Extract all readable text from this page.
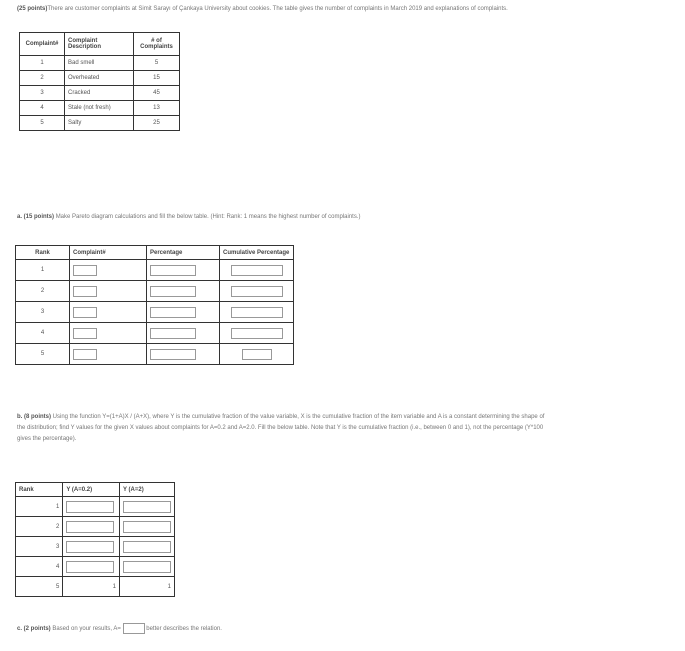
(25 points)There are customer complaints at Simit Sarayı of Çankaya University about cookies. The table gives the number of complaints in March 2019 and explanations of complaints.
Complaint#	Complaint Description	# of Complaints
1	Bad smell	5
2	Overheated	15
3	Cracked	45
4	Stale (not fresh)	13
5	Salty	25
a. (15 points) Make Pareto diagram calculations and fill the below table. (Hint: Rank: 1 means the highest number of complaints.)
Rank	Complaint#	Percentage	Cumulative Percentage
1			
2			
3			
4			
5			
b. (8 points) Using the function Y=(1+A)X / (A+X), where Y is the cumulative fraction of the value variable, X is the cumulative fraction of the item variable and A is a constant determining the shape of the distribution; find Y values for the given X values about complaints for A=0.2 and A=2.0. Fill the below table. Note that Y is the cumulative fraction (i.e., between 0 and 1), not the percentage (Y*100 gives the percentage).
Rank	Y (A=0.2)	Y (A=2)
1		
2		
3		
4		
5	1	1
c. (2 points) Based on your results, A=	better describes the relation.
